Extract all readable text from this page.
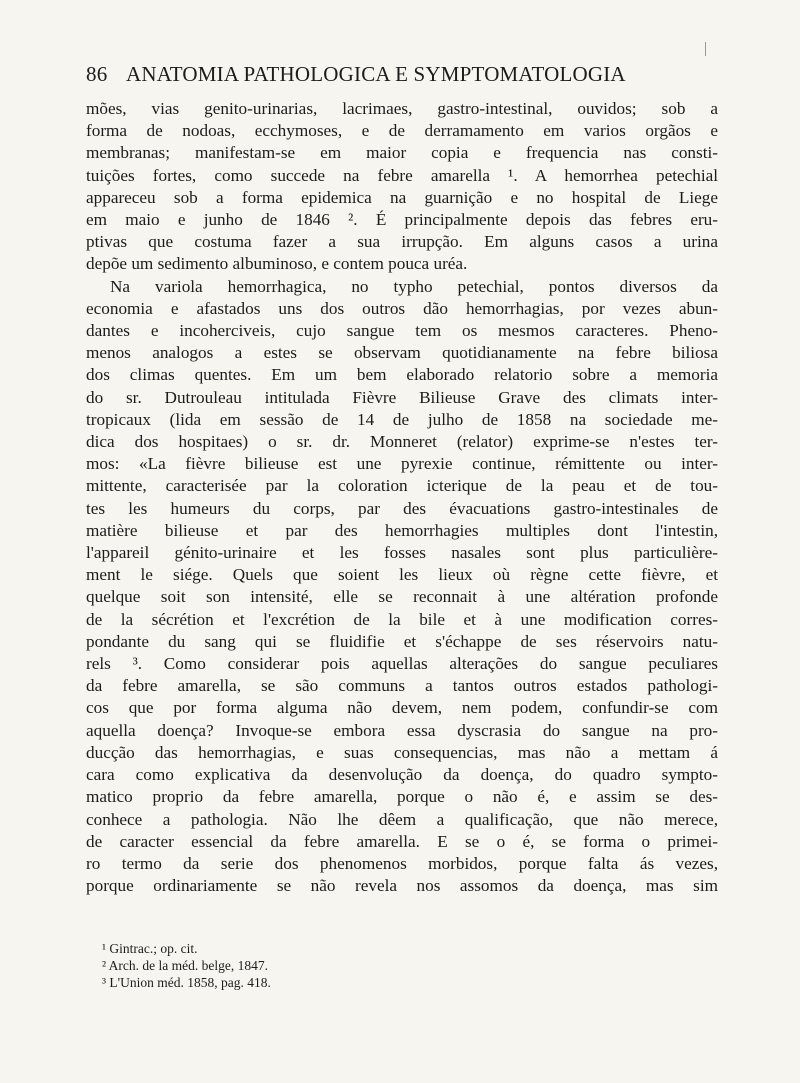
86 ANATOMIA PATHOLOGICA E SYMPTOMATOLOGIA
mões, vias genito-urinarias, lacrimaes, gastro-intestinal, ouvidos; sob a
forma de nodoas, ecchymoses, e de derramamento em varios orgãos e
membranas; manifestam-se em maior copia e frequencia nas consti-
tuições fortes, como succede na febre amarella ¹. A hemorrhea petechial
appareceu sob a forma epidemica na guarnição e no hospital de Liege
em maio e junho de 1846 ². É principalmente depois das febres eru-
ptivas que costuma fazer a sua irrupção. Em alguns casos a urina
depõe um sedimento albuminoso, e contem pouca uréa.
Na variola hemorrhagica, no typho petechial, pontos diversos da
economia e afastados uns dos outros dão hemorrhagias, por vezes abun-
dantes e incoherciveis, cujo sangue tem os mesmos caracteres. Pheno-
menos analogos a estes se observam quotidianamente na febre biliosa
dos climas quentes. Em um bem elaborado relatorio sobre a memoria
do sr. Dutrouleau intitulada Fièvre Bilieuse Grave des climats inter-
tropicaux (lida em sessão de 14 de julho de 1858 na sociedade me-
dica dos hospitaes) o sr. dr. Monneret (relator) exprime-se n'estes ter-
mos: «La fièvre bilieuse est une pyrexie continue, rémittente ou inter-
mittente, caracterisée par la coloration icterique de la peau et de tou-
tes les humeurs du corps, par des évacuations gastro-intestinales de
matière bilieuse et par des hemorrhagies multiples dont l'intestin,
l'appareil génito-urinaire et les fosses nasales sont plus particulière-
ment le siége. Quels que soient les lieux où règne cette fièvre, et
quelque soit son intensité, elle se reconnait à une altération profonde
de la sécrétion et l'excrétion de la bile et à une modification corres-
pondante du sang qui se fluidifie et s'échappe de ses réservoirs natu-
rels ³. Como considerar pois aquellas alterações do sangue peculiares
da febre amarella, se são communs a tantos outros estados pathologi-
cos que por forma alguma não devem, nem podem, confundir-se com
aquella doença? Invoque-se embora essa dyscrasia do sangue na pro-
ducção das hemorrhagias, e suas consequencias, mas não a mettam á
cara como explicativa da desenvolução da doença, do quadro sympto-
matico proprio da febre amarella, porque o não é, e assim se des-
conhece a pathologia. Não lhe dêem a qualificação, que não merece,
de caracter essencial da febre amarella. E se o é, se forma o primei-
ro termo da serie dos phenomenos morbidos, porque falta ás vezes,
porque ordinariamente se não revela nos assomos da doença, mas sim
¹ Gintrac.; op. cit.
² Arch. de la méd. belge, 1847.
³ L'Union méd. 1858, pag. 418.
